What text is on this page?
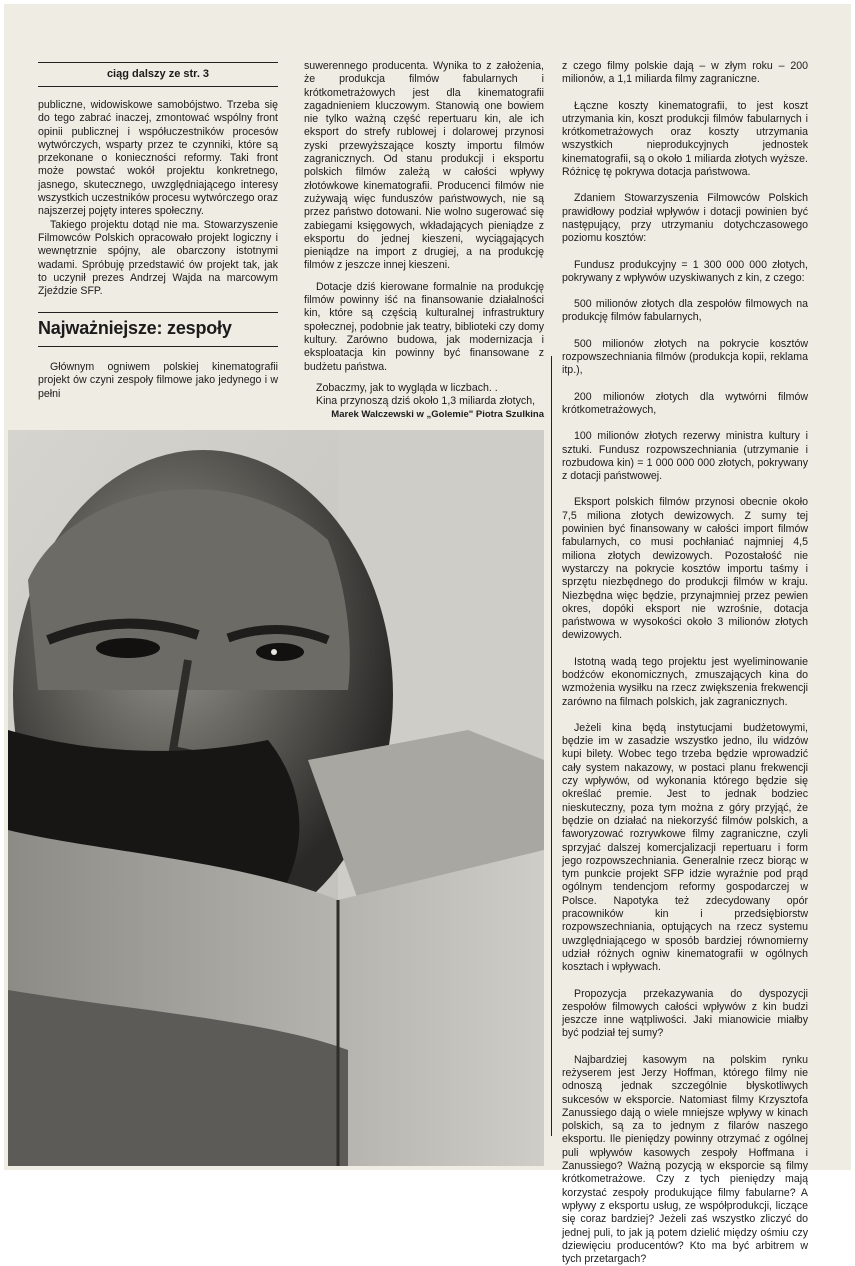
ciąg dalszy ze str. 3

publiczne, widowiskowe samobójstwo. Trzeba się do tego zabrać inaczej, zmontować wspólny front opinii publicznej i współuczestników procesów wytwórczych, wsparty przez te czynniki, które są przekonane o konieczności reformy. Taki front może powstać wokół projektu konkretnego, jasnego, skutecznego, uwzględniającego interesy wszystkich uczestników procesu wytwórczego oraz najszerzej pojęty interes społeczny.

Takiego projektu dotąd nie ma. Stowarzyszenie Filmowców Polskich opracowało projekt logiczny i wewnętrznie spójny, ale obarczony istotnymi wadami. Spróbuję przedstawić ów projekt tak, jak to uczynił prezes Andrzej Wajda na marcowym Zjeździe SFP.

Najważniejsze: zespoły

Głównym ogniwem polskiej kinematografii projekt ów czyni zespoły filmowe jako jedynego i w pełni

suwerennego producenta. Wynika to z założenia, że produkcja filmów fabularnych i krótkometrażowych jest dla kinematografii zagadnieniem kluczowym. Stanowią one bowiem nie tylko ważną część repertuaru kin, ale ich eksport do strefy rublowej i dolarowej przynosi zyski przewyższające koszty importu filmów zagranicznych. Od stanu produkcji i eksportu polskich filmów zależą w całości wpływy złotówkowe kinematografii. Producenci filmów nie zużywają więc funduszów państwowych, nie są przez państwo dotowani. Nie wolno sugerować się zabiegami księgowych, wkładających pieniądze z eksportu do jednej kieszeni, wyciągających pieniądze na import z drugiej, a na produkcję filmów z jeszcze innej kieszeni.

Dotacje dziś kierowane formalnie na produkcję filmów powinny iść na finansowanie działalności kin, które są częścią kulturalnej infrastruktury społecznej, podobnie jak teatry, biblioteki czy domy kultury. Zarówno budowa, jak modernizacja i eksploatacja kin powinny być finansowane z budżetu państwa.

Zobaczmy, jak to wygląda w liczbach. .

Kina przynoszą dziś około 1,3 miliarda złotych,

Marek Walczewski w „Golemie" Piotra Szulkina

z czego filmy polskie dają – w złym roku – 200 milionów, a 1,1 miliarda filmy zagraniczne.

Łączne koszty kinematografii, to jest koszt utrzymania kin, koszt produkcji filmów fabularnych i krótkometrażowych oraz koszty utrzymania wszystkich nieprodukcyjnych jednostek kinematografii, są o około 1 miliarda złotych wyższe. Różnicę tę pokrywa dotacja państwowa.

Zdaniem Stowarzyszenia Filmowców Polskich prawidłowy podział wpływów i dotacji powinien być następujący, przy utrzymaniu dotychczasowego poziomu kosztów:

Fundusz produkcyjny = 1 300 000 000 złotych, pokrywany z wpływów uzyskiwanych z kin, z czego:

500 milionów złotych dla zespołów filmowych na produkcję filmów fabularnych,

500 milionów złotych na pokrycie kosztów rozpowszechniania filmów (produkcja kopii, reklama itp.),

200 milionów złotych dla wytwórni filmów krótkometrażowych,

100 milionów złotych rezerwy ministra kultury i sztuki. Fundusz rozpowszechniania (utrzymanie i rozbudowa kin) = 1 000 000 000 złotych, pokrywany z dotacji państwowej.

Eksport polskich filmów przynosi obecnie około 7,5 miliona złotych dewizowych. Z sumy tej powinien być finansowany w całości import filmów fabularnych, co musi pochłaniać najmniej 4,5 miliona złotych dewizowych. Pozostałość nie wystarczy na pokrycie kosztów importu taśmy i sprzętu niezbędnego do produkcji filmów w kraju. Niezbędna więc będzie, przynajmniej przez pewien okres, dopóki eksport nie wzrośnie, dotacja państwowa w wysokości około 3 milionów złotych dewizowych.

Istotną wadą tego projektu jest wyeliminowanie bodźców ekonomicznych, zmuszających kina do wzmożenia wysiłku na rzecz zwiększenia frekwencji zarówno na filmach polskich, jak zagranicznych.

Jeżeli kina będą instytucjami budżetowymi, będzie im w zasadzie wszystko jedno, ilu widzów kupi bilety. Wobec tego trzeba będzie wprowadzić cały system nakazowy, w postaci planu frekwencji czy wpływów, od wykonania którego będzie się określać premie. Jest to jednak bodziec nieskuteczny, poza tym można z góry przyjąć, że będzie on działać na niekorzyść filmów polskich, a faworyzować rozrywkowe filmy zagraniczne, czyli sprzyjać dalszej komercjalizacji repertuaru i form jego rozpowszechniania. Generalnie rzecz biorąc w tym punkcie projekt SFP idzie wyraźnie pod prąd ogólnym tendencjom reformy gospodarczej w Polsce. Napotyka też zdecydowany opór pracowników kin i przedsiębiorstw rozpowszechniania, optujących na rzecz systemu uwzględniającego w sposób bardziej równomierny udział różnych ogniw kinematografii w ogólnych kosztach i wpływach.

Propozycja przekazywania do dyspozycji zespołów filmowych całości wpływów z kin budzi jeszcze inne wątpliwości. Jaki mianowicie miałby być podział tej sumy?

Najbardziej kasowym na polskim rynku reżyserem jest Jerzy Hoffman, którego filmy nie odnoszą jednak szczególnie błyskotliwych sukcesów w eksporcie. Natomiast filmy Krzysztofa Zanussiego dają o wiele mniejsze wpływy w kinach polskich, są za to jednym z filarów naszego eksportu. Ile pieniędzy powinny otrzymać z ogólnej puli wpływów kasowych zespoły Hoffmana i Zanussiego? Ważną pozycją w eksporcie są filmy krótkometrażowe. Czy z tych pieniędzy mają korzystać zespoły produkujące filmy fabularne? A wpływy z eksportu usług, ze współprodukcji, liczące się coraz bardziej? Jeżeli zaś wszystko zliczyć do jednej puli, to jak ją potem dzielić między ośmiu czy dziewięciu producentów? Kto ma być arbitrem w tych przetargach?
